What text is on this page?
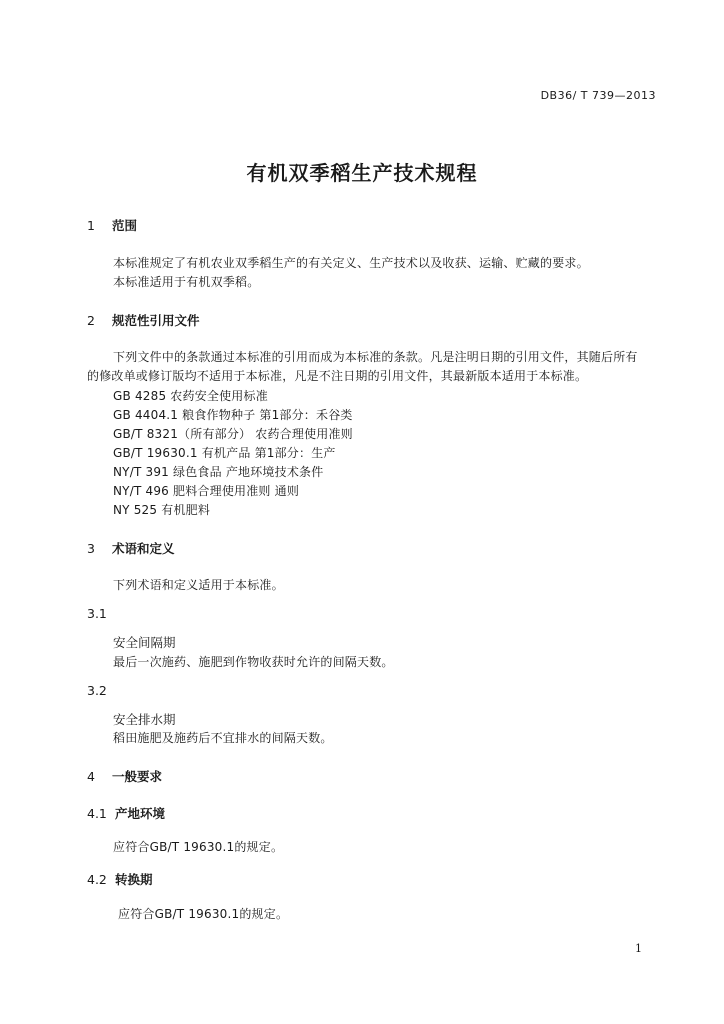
DB36/ T 739—2013
有机双季稻生产技术规程
1 范围
本标准规定了有机农业双季稻生产的有关定义、生产技术以及收获、运输、贮藏的要求。
本标准适用于有机双季稻。
2 规范性引用文件
下列文件中的条款通过本标准的引用而成为本标准的条款。凡是注明日期的引用文件，其随后所有
的修改单或修订版均不适用于本标准，凡是不注日期的引用文件，其最新版本适用于本标准。
GB 4285 农药安全使用标准
GB 4404.1 粮食作物种子 第1部分：禾谷类
GB/T 8321（所有部分） 农药合理使用准则
GB/T 19630.1 有机产品 第1部分：生产
NY/T 391 绿色食品 产地环境技术条件
NY/T 496 肥料合理使用准则 通则
NY 525 有机肥料
3 术语和定义
下列术语和定义适用于本标准。
3.1
安全间隔期
最后一次施药、施肥到作物收获时允许的间隔天数。
3.2
安全排水期
稻田施肥及施药后不宜排水的间隔天数。
4 一般要求
4.1 产地环境
应符合GB/T 19630.1的规定。
4.2 转换期
应符合GB/T 19630.1的规定。
1
